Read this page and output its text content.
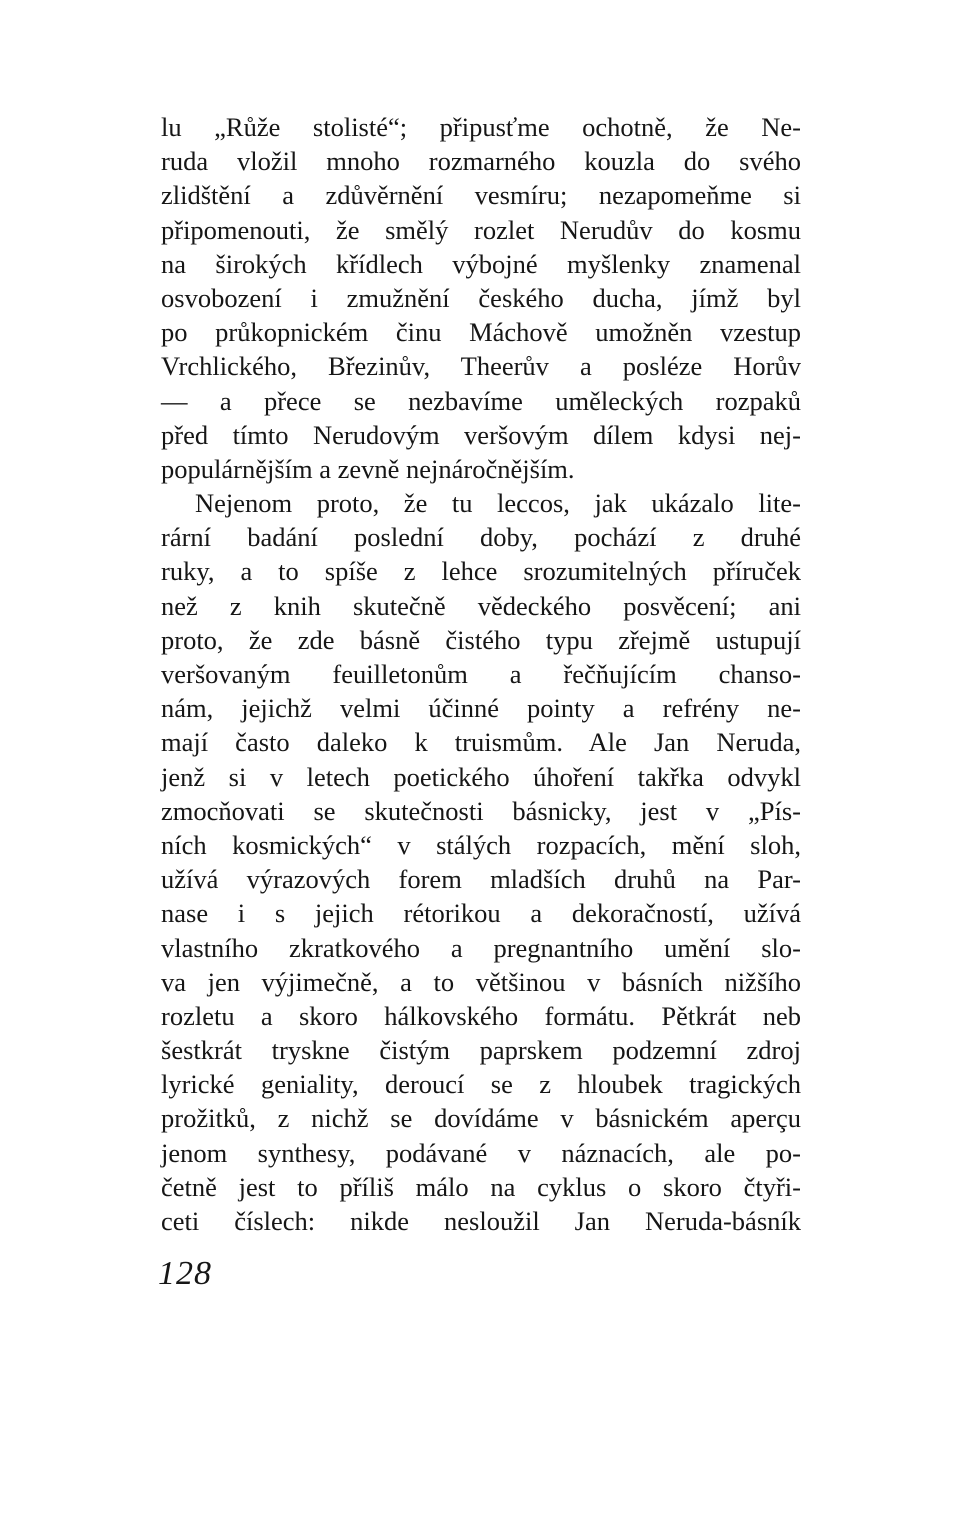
lu „Růže stolisté“; připusťme ochotně, že Ne-
ruda vložil mnoho rozmarného kouzla do svého
zlidštění a zdůvěrnění vesmíru; nezapomeňme si
připomenouti, že smělý rozlet Nerudův do kosmu
na širokých křídlech výbojné myšlenky znamenal
osvobození i zmužnění českého ducha, jímž byl
po průkopnickém činu Máchově umožněn vzestup
Vrchlického, Březinův, Theerův a posléze Horův
— a přece se nezbavíme uměleckých rozpaků
před tímto Nerudovým veršovým dílem kdysi nej-
populárnějším a zevně nejnáročnějším.
Nejenom proto, že tu leccos, jak ukázalo lite-
rární badání poslední doby, pochází z druhé
ruky, a to spíše z lehce srozumitelných příruček
než z knih skutečně vědeckého posvěcení; ani
proto, že zde básně čistého typu zřejmě ustupují
veršovaným feuilletonům a řečňujícím chanso-
nám, jejichž velmi účinné pointy a refrény ne-
mají často daleko k truismům. Ale Jan Neruda,
jenž si v letech poetického úhoření takřka odvykl
zmocňovati se skutečnosti básnicky, jest v „Pís-
ních kosmických“ v stálých rozpacích, mění sloh,
užívá výrazových forem mladších druhů na Par-
nase i s jejich rétorikou a dekoračností, užívá
vlastního zkratkového a pregnantního umění slo-
va jen výjimečně, a to většinou v básních nižšího
rozletu a skoro hálkovského formátu. Pětkrát neb
šestkrát tryskne čistým paprskem podzemní zdroj
lyrické geniality, deroucí se z hloubek tragických
prožitků, z nichž se dovídáme v básnickém aperçu
jenom synthesy, podávané v náznacích, ale po-
četně jest to příliš málo na cyklus o skoro čtyři-
ceti číslech: nikde nesloužil Jan Neruda-básník
128
